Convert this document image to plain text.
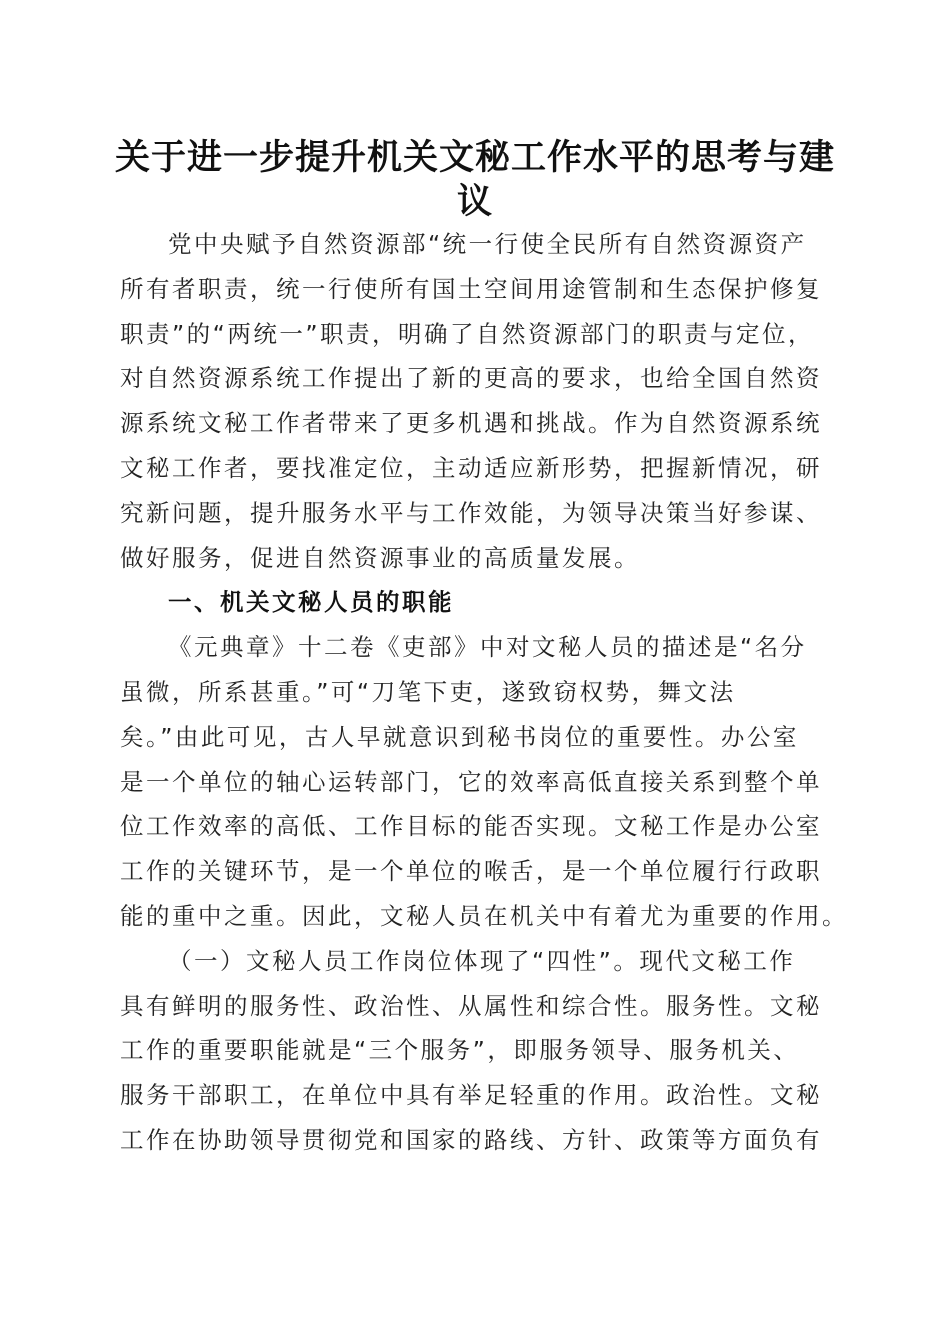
关于进一步提升机关文秘工作水平的思考与建
议
党中央赋予自然资源部“统一行使全民所有自然资源资产
所有者职责，统一行使所有国土空间用途管制和生态保护修复
职责”的“两统一”职责，明确了自然资源部门的职责与定位，
对自然资源系统工作提出了新的更高的要求，也给全国自然资
源系统文秘工作者带来了更多机遇和挑战。作为自然资源系统
文秘工作者，要找准定位，主动适应新形势，把握新情况，研
究新问题，提升服务水平与工作效能，为领导决策当好参谋、
做好服务，促进自然资源事业的高质量发展。
一、机关文秘人员的职能
《元典章》十二卷《吏部》中对文秘人员的描述是“名分
虽微，所系甚重。”可“刀笔下吏，遂致窃权势，舞文法
矣。”由此可见，古人早就意识到秘书岗位的重要性。办公室
是一个单位的轴心运转部门，它的效率高低直接关系到整个单
位工作效率的高低、工作目标的能否实现。文秘工作是办公室
工作的关键环节，是一个单位的喉舌，是一个单位履行行政职
能的重中之重。因此，文秘人员在机关中有着尤为重要的作用。
（一）文秘人员工作岗位体现了“四性”。现代文秘工作
具有鲜明的服务性、政治性、从属性和综合性。服务性。文秘
工作的重要职能就是“三个服务”，即服务领导、服务机关、
服务干部职工，在单位中具有举足轻重的作用。政治性。文秘
工作在协助领导贯彻党和国家的路线、方针、政策等方面负有
